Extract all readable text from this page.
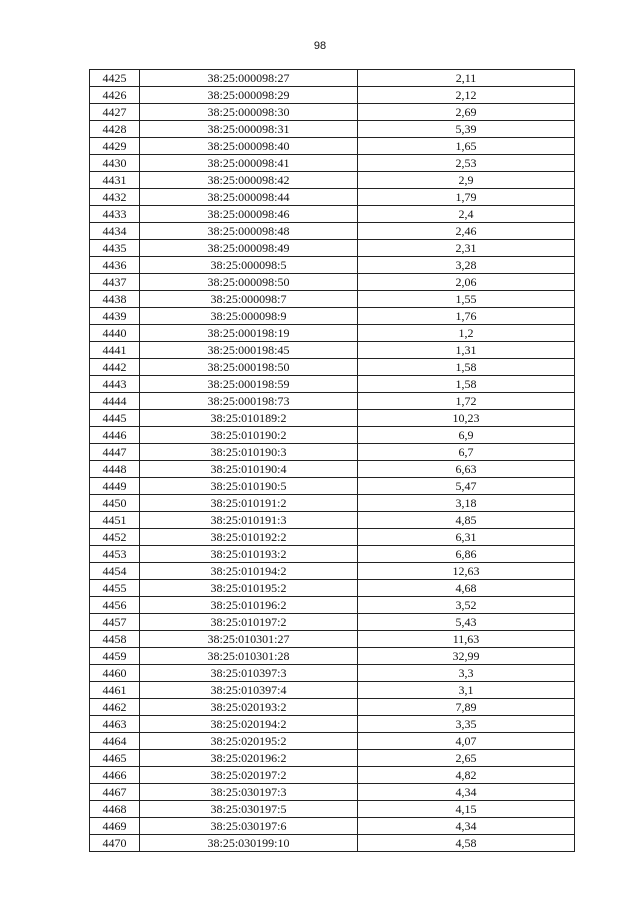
98
4425	38:25:000098:27	2,11
4426	38:25:000098:29	2,12
4427	38:25:000098:30	2,69
4428	38:25:000098:31	5,39
4429	38:25:000098:40	1,65
4430	38:25:000098:41	2,53
4431	38:25:000098:42	2,9
4432	38:25:000098:44	1,79
4433	38:25:000098:46	2,4
4434	38:25:000098:48	2,46
4435	38:25:000098:49	2,31
4436	38:25:000098:5	3,28
4437	38:25:000098:50	2,06
4438	38:25:000098:7	1,55
4439	38:25:000098:9	1,76
4440	38:25:000198:19	1,2
4441	38:25:000198:45	1,31
4442	38:25:000198:50	1,58
4443	38:25:000198:59	1,58
4444	38:25:000198:73	1,72
4445	38:25:010189:2	10,23
4446	38:25:010190:2	6,9
4447	38:25:010190:3	6,7
4448	38:25:010190:4	6,63
4449	38:25:010190:5	5,47
4450	38:25:010191:2	3,18
4451	38:25:010191:3	4,85
4452	38:25:010192:2	6,31
4453	38:25:010193:2	6,86
4454	38:25:010194:2	12,63
4455	38:25:010195:2	4,68
4456	38:25:010196:2	3,52
4457	38:25:010197:2	5,43
4458	38:25:010301:27	11,63
4459	38:25:010301:28	32,99
4460	38:25:010397:3	3,3
4461	38:25:010397:4	3,1
4462	38:25:020193:2	7,89
4463	38:25:020194:2	3,35
4464	38:25:020195:2	4,07
4465	38:25:020196:2	2,65
4466	38:25:020197:2	4,82
4467	38:25:030197:3	4,34
4468	38:25:030197:5	4,15
4469	38:25:030197:6	4,34
4470	38:25:030199:10	4,58
